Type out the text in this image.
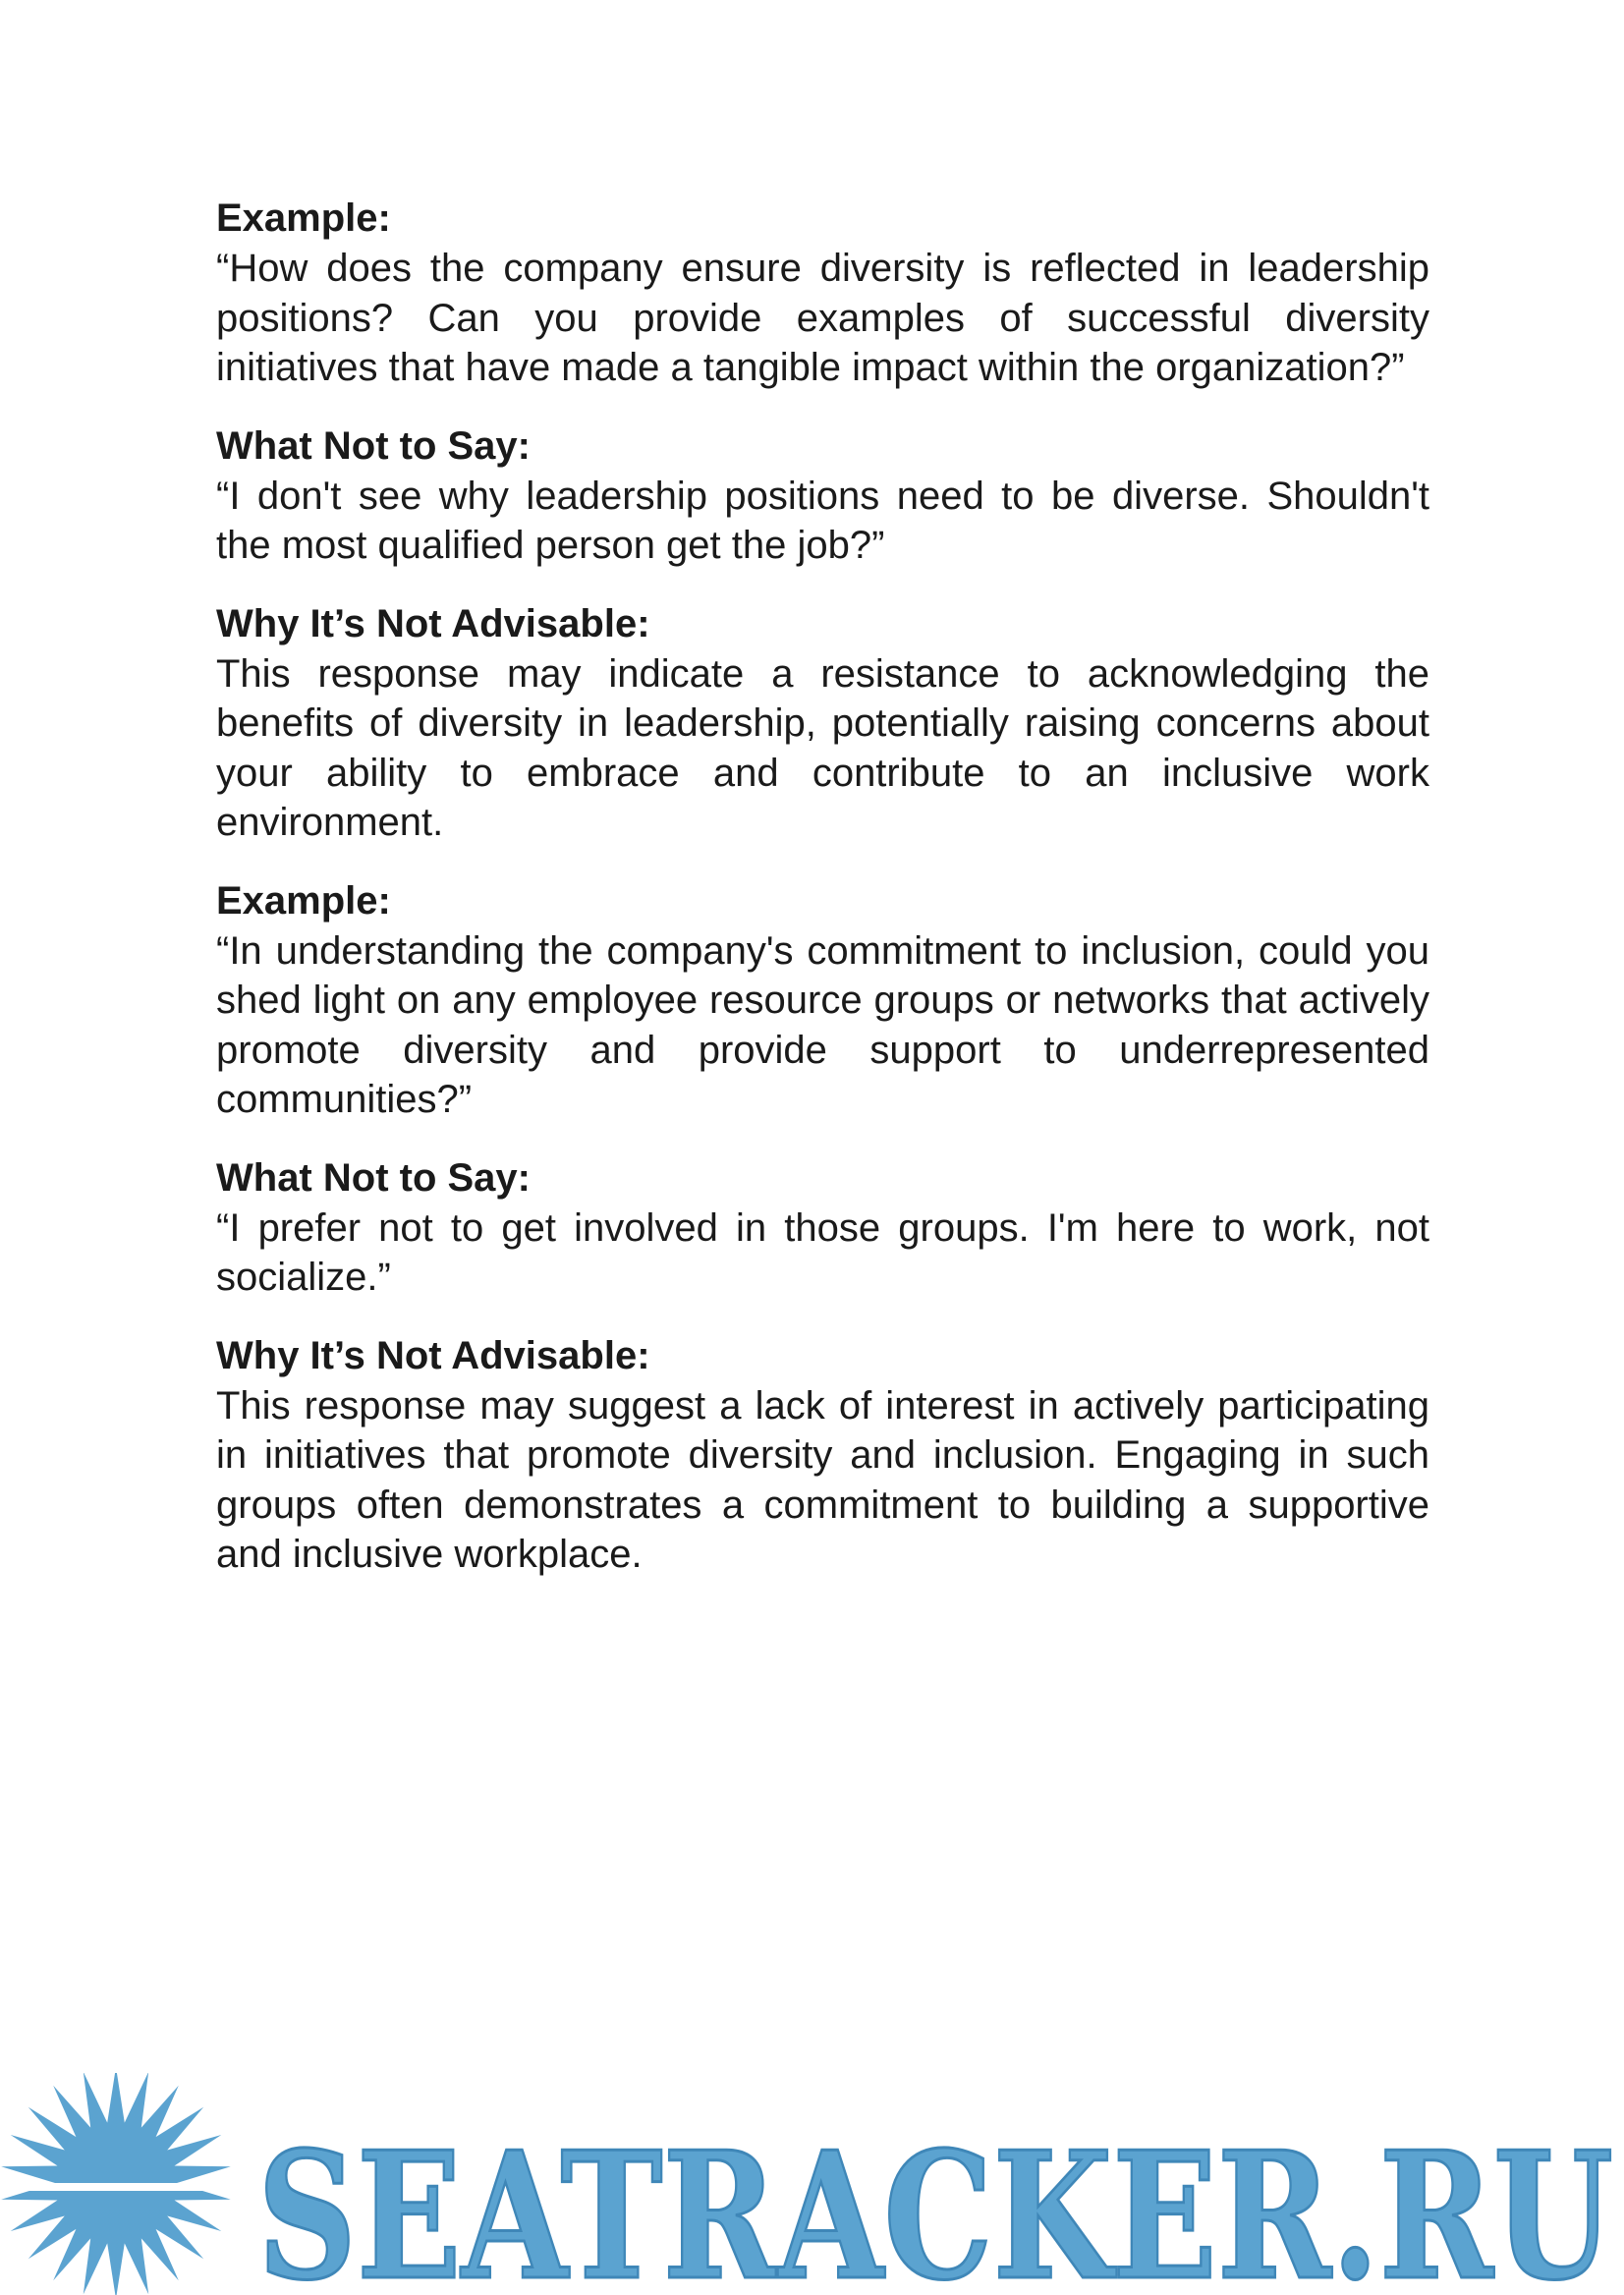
Example:

“How does the company ensure diversity is reflected in leadership positions? Can you provide examples of successful diversity initiatives that have made a tangible impact within the organization?”

What Not to Say:

“I don't see why leadership positions need to be diverse. Shouldn't the most qualified person get the job?”

Why It’s Not Advisable:

This response may indicate a resistance to acknowledging the benefits of diversity in leadership, potentially raising concerns about your ability to embrace and contribute to an inclusive work environment.

Example:

“In understanding the company's commitment to inclusion, could you shed light on any employee resource groups or networks that actively promote diversity and provide support to underrepresented communities?”

What Not to Say:

“I prefer not to get involved in those groups. I'm here to work, not socialize.”

Why It’s Not Advisable:

This response may suggest a lack of interest in actively participating in initiatives that promote diversity and inclusion. Engaging in such groups often demonstrates a commitment to building a supportive and inclusive workplace.

SEATRACKER.RU
